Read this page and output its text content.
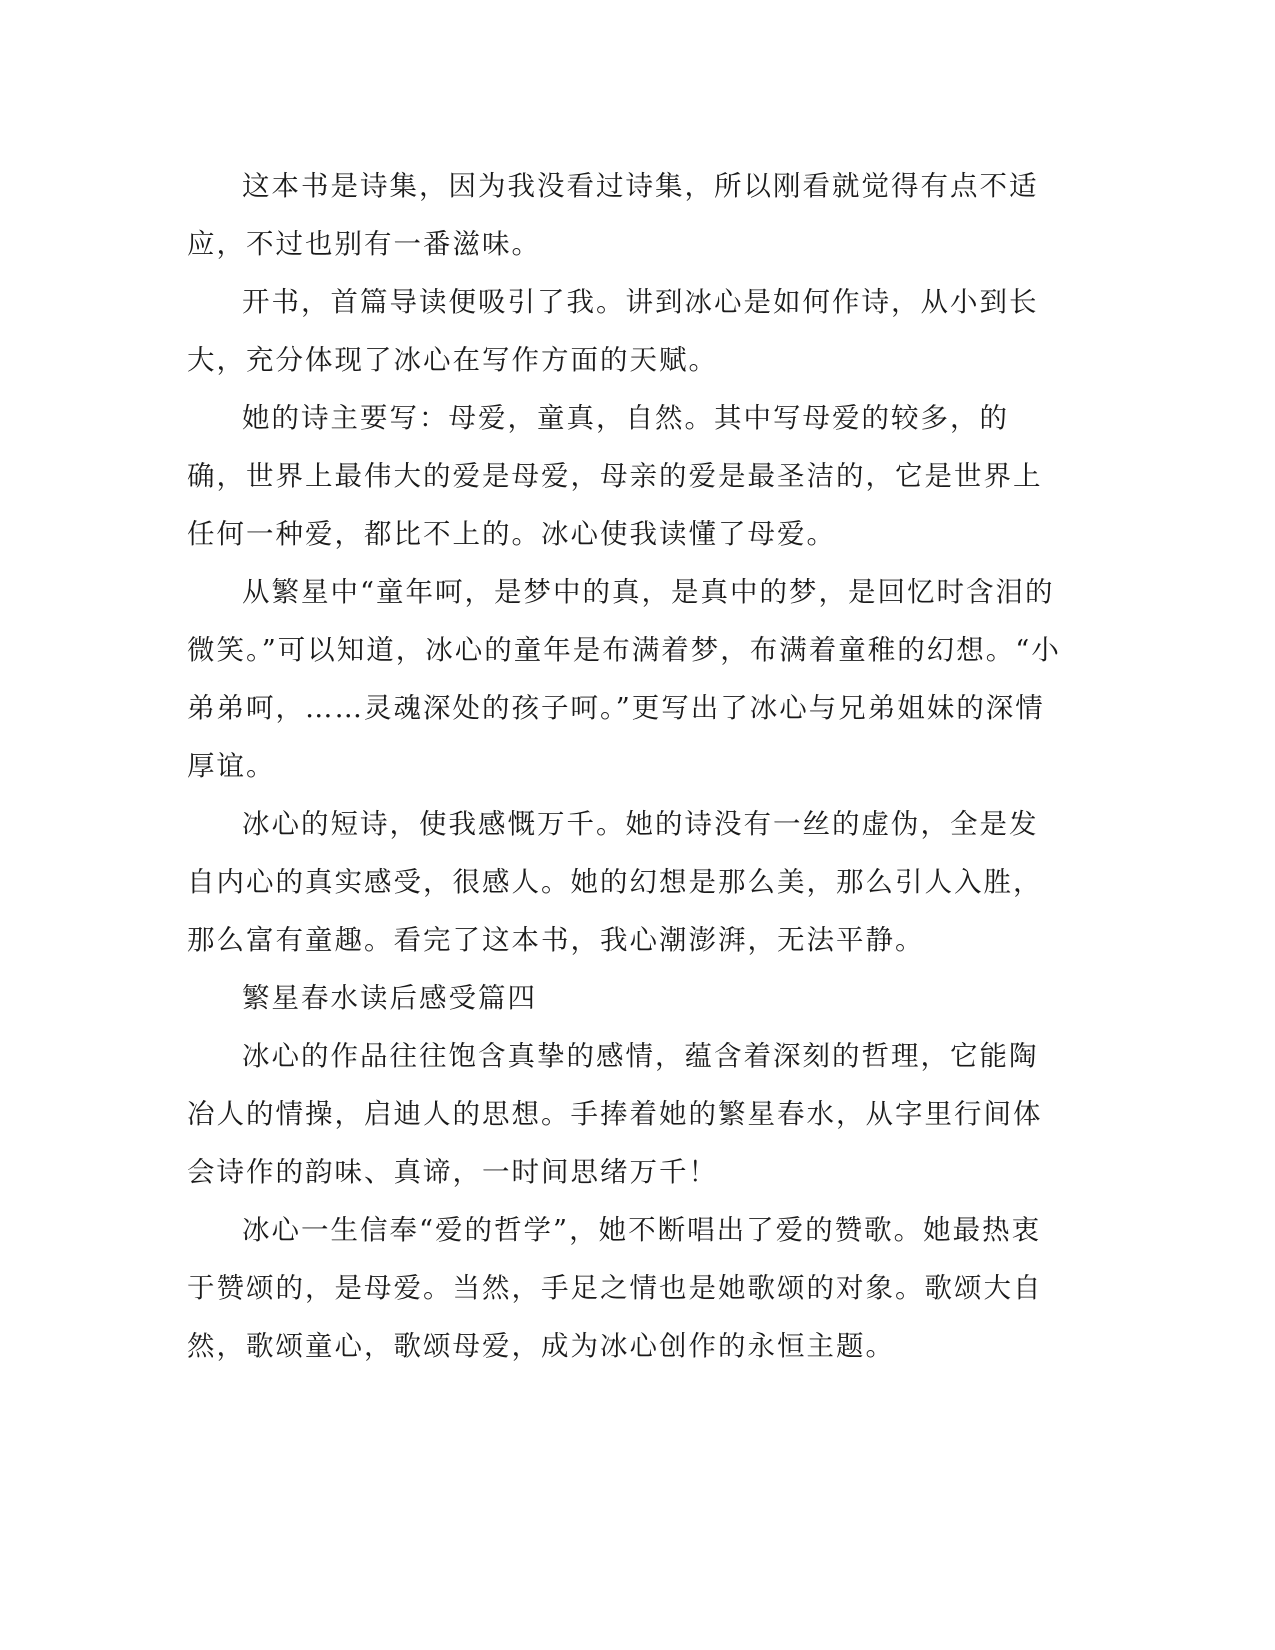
这本书是诗集，因为我没看过诗集，所以刚看就觉得有点不适应，不过也别有一番滋味。

开书，首篇导读便吸引了我。讲到冰心是如何作诗，从小到长大，充分体现了冰心在写作方面的天赋。

她的诗主要写：母爱，童真，自然。其中写母爱的较多，的确，世界上最伟大的爱是母爱，母亲的爱是最圣洁的，它是世界上任何一种爱，都比不上的。冰心使我读懂了母爱。

从繁星中“童年呵，是梦中的真，是真中的梦，是回忆时含泪的微笑。”可以知道，冰心的童年是布满着梦，布满着童稚的幻想。“小弟弟呵，……灵魂深处的孩子呵。”更写出了冰心与兄弟姐妹的深情厚谊。

冰心的短诗，使我感慨万千。她的诗没有一丝的虚伪，全是发自内心的真实感受，很感人。她的幻想是那么美，那么引人入胜，那么富有童趣。看完了这本书，我心潮澎湃，无法平静。

繁星春水读后感受篇四

冰心的作品往往饱含真挚的感情，蕴含着深刻的哲理，它能陶冶人的情操，启迪人的思想。手捧着她的繁星春水，从字里行间体会诗作的韵味、真谛，一时间思绪万千！

冰心一生信奉“爱的哲学”，她不断唱出了爱的赞歌。她最热衷于赞颂的，是母爱。当然，手足之情也是她歌颂的对象。歌颂大自然，歌颂童心，歌颂母爱，成为冰心创作的永恒主题。
